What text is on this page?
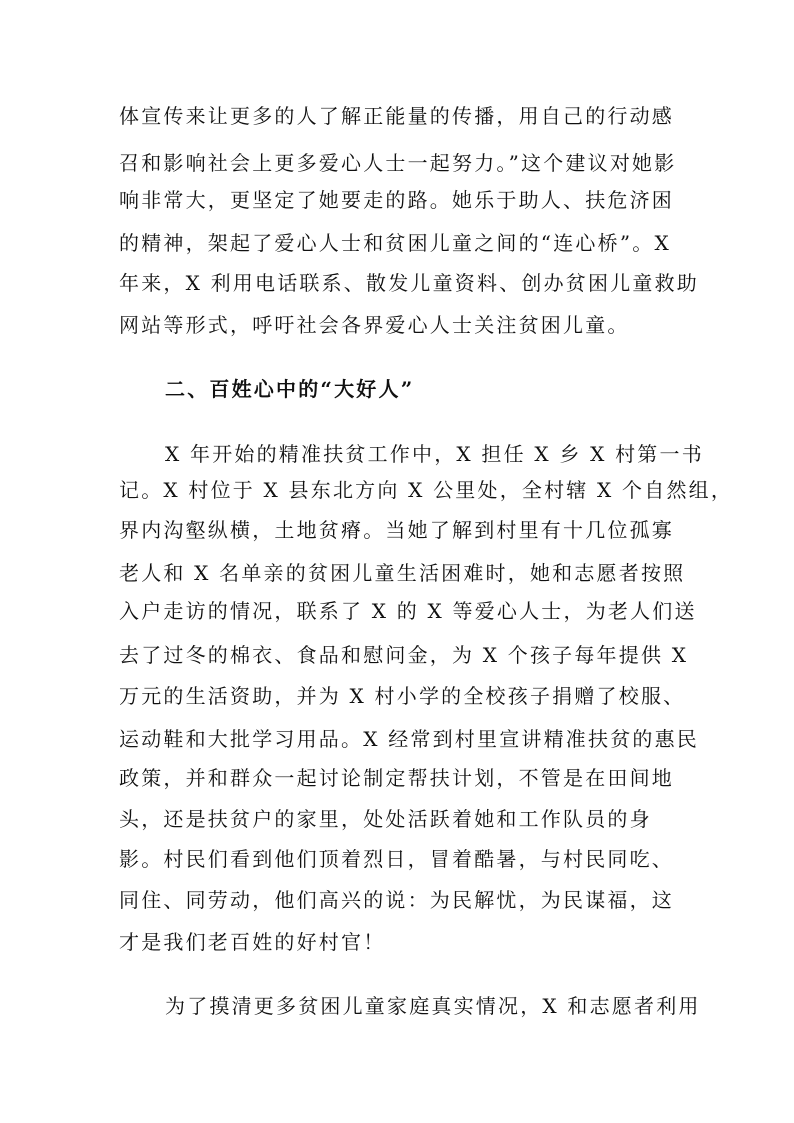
体宣传来让更多的人了解正能量的传播，用自己的行动感
召和影响社会上更多爱心人士一起努力。”这个建议对她影
响非常大，更坚定了她要走的路。她乐于助人、扶危济困
的精神，架起了爱心人士和贫困儿童之间的“连心桥”。X
年来，X 利用电话联系、散发儿童资料、创办贫困儿童救助
网站等形式，呼吁社会各界爱心人士关注贫困儿童。
二、百姓心中的“大好人”
X 年开始的精准扶贫工作中，X 担任 X 乡 X 村第一书
记。X 村位于 X 县东北方向 X 公里处，全村辖 X 个自然组，
界内沟壑纵横，土地贫瘠。当她了解到村里有十几位孤寡
老人和 X 名单亲的贫困儿童生活困难时，她和志愿者按照
入户走访的情况，联系了 X 的 X 等爱心人士，为老人们送
去了过冬的棉衣、食品和慰问金，为 X 个孩子每年提供 X
万元的生活资助，并为 X 村小学的全校孩子捐赠了校服、
运动鞋和大批学习用品。X 经常到村里宣讲精准扶贫的惠民
政策，并和群众一起讨论制定帮扶计划，不管是在田间地
头，还是扶贫户的家里，处处活跃着她和工作队员的身
影。村民们看到他们顶着烈日，冒着酷暑，与村民同吃、
同住、同劳动，他们高兴的说：为民解忧，为民谋福，这
才是我们老百姓的好村官！
为了摸清更多贫困儿童家庭真实情况，X 和志愿者利用
